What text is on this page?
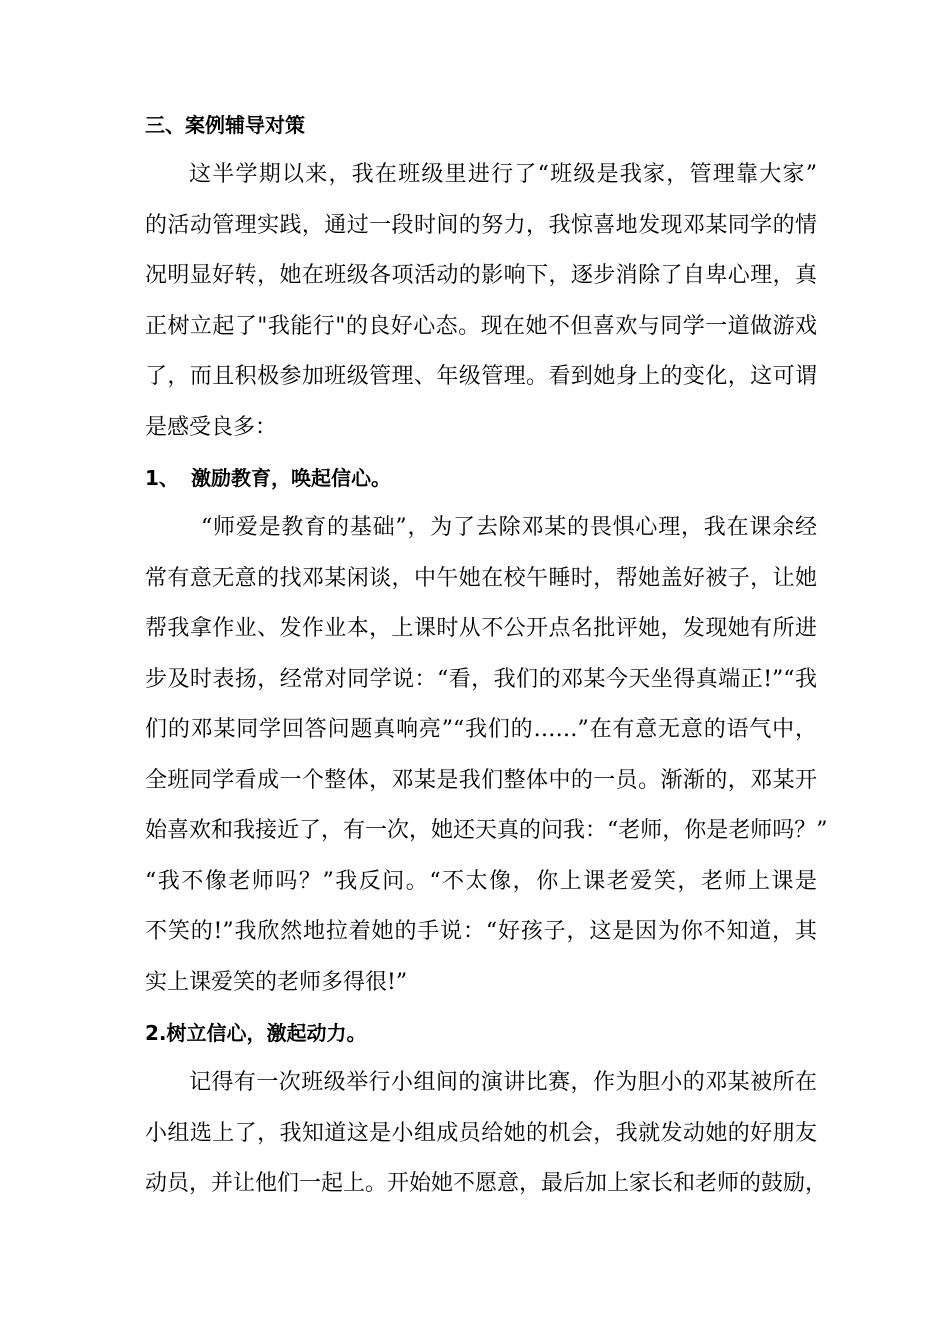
三、案例辅导对策
这半学期以来，我在班级里进行了“班级是我家，管理靠大家”
的活动管理实践，通过一段时间的努力，我惊喜地发现邓某同学的情
况明显好转，她在班级各项活动的影响下，逐步消除了自卑心理，真
正树立起了"我能行"的良好心态。现在她不但喜欢与同学一道做游戏
了，而且积极参加班级管理、年级管理。看到她身上的变化，这可谓
是感受良多：
1、 激励教育，唤起信心。
“师爱是教育的基础”，为了去除邓某的畏惧心理，我在课余经
常有意无意的找邓某闲谈，中午她在校午睡时，帮她盖好被子，让她
帮我拿作业、发作业本，上课时从不公开点名批评她，发现她有所进
步及时表扬，经常对同学说：“看，我们的邓某今天坐得真端正!”“我
们的邓某同学回答问题真响亮”“我们的……”在有意无意的语气中，
全班同学看成一个整体，邓某是我们整体中的一员。渐渐的，邓某开
始喜欢和我接近了，有一次，她还天真的问我：“老师，你是老师吗？”
“我不像老师吗？”我反问。“不太像，你上课老爱笑，老师上课是
不笑的!”我欣然地拉着她的手说：“好孩子，这是因为你不知道，其
实上课爱笑的老师多得很!”
2.树立信心，激起动力。
记得有一次班级举行小组间的演讲比赛，作为胆小的邓某被所在
小组选上了，我知道这是小组成员给她的机会，我就发动她的好朋友
动员，并让他们一起上。开始她不愿意，最后加上家长和老师的鼓励，
